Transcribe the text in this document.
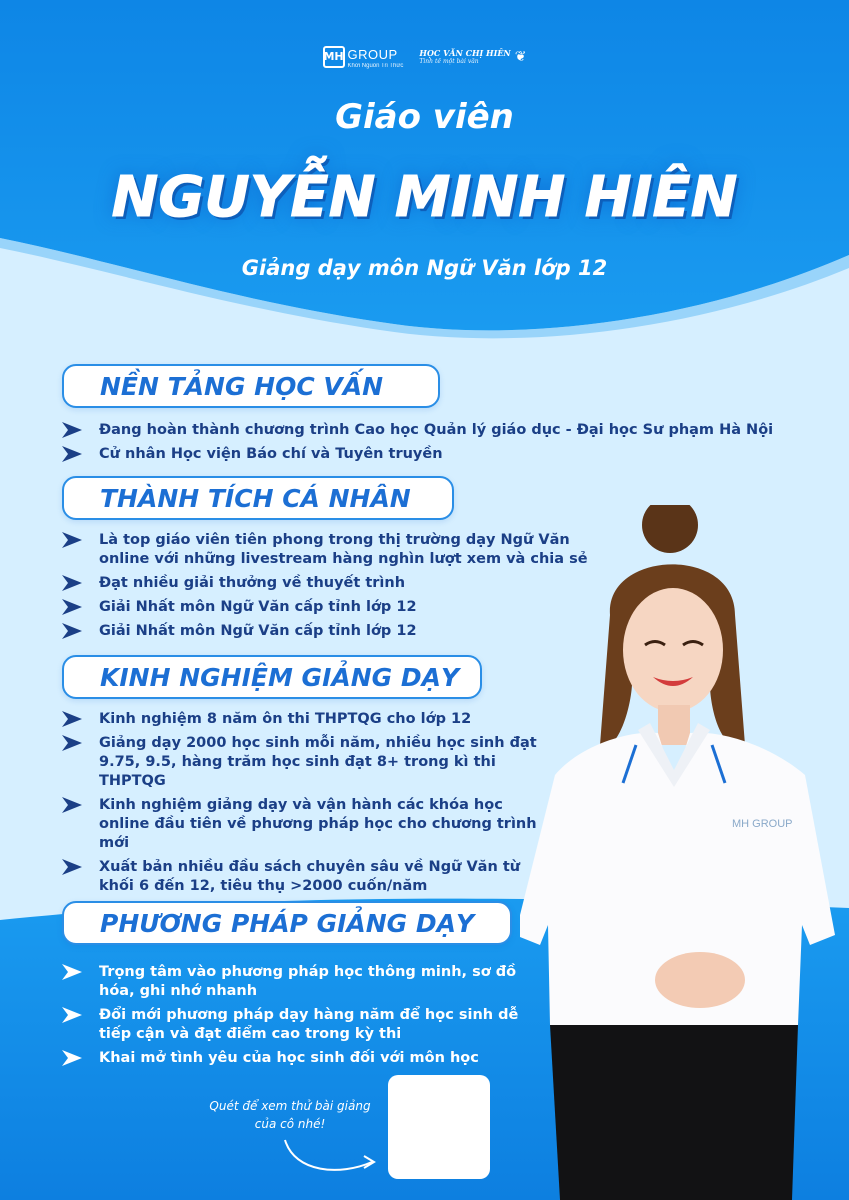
MH GROUP
Khơi Nguồn Tri Thức
HỌC VĂN CHỊ HIÊN
Tinh tế một bài văn	❦
Giáo viên
NGUYỄN MINH HIÊN
Giảng dạy môn Ngữ Văn lớp 12
MH GROUP
NỀN TẢNG HỌC VẤN
Đang hoàn thành chương trình Cao học Quản lý giáo dục - Đại học Sư phạm Hà Nội
Cử nhân Học viện Báo chí và Tuyên truyền
THÀNH TÍCH CÁ NHÂN
Là top giáo viên tiên phong trong thị trường dạy Ngữ Văn online với những livestream hàng nghìn lượt xem và chia sẻ
Đạt nhiều giải thưởng về thuyết trình
Giải Nhất môn Ngữ Văn cấp tỉnh lớp 12
Giải Nhất môn Ngữ Văn cấp tỉnh lớp 12
KINH NGHIỆM GIẢNG DẠY
Kinh nghiệm 8 năm ôn thi THPTQG cho lớp 12
Giảng dạy 2000 học sinh mỗi năm, nhiều học sinh đạt 9.75, 9.5, hàng trăm học sinh đạt 8+ trong kì thi THPTQG
Kinh nghiệm giảng dạy và vận hành các khóa học online đầu tiên về phương pháp học cho chương trình mới
Xuất bản nhiều đầu sách chuyên sâu về Ngữ Văn từ khối 6 đến 12, tiêu thụ >2000 cuốn/năm
PHƯƠNG PHÁP GIẢNG DẠY
Trọng tâm vào phương pháp học thông minh, sơ đồ hóa, ghi nhớ nhanh
Đổi mới phương pháp dạy hàng năm để học sinh dễ tiếp cận và đạt điểm cao trong kỳ thi
Khai mở tình yêu của học sinh đối với môn học
Quét để xem thử bài giảng của cô nhé!
